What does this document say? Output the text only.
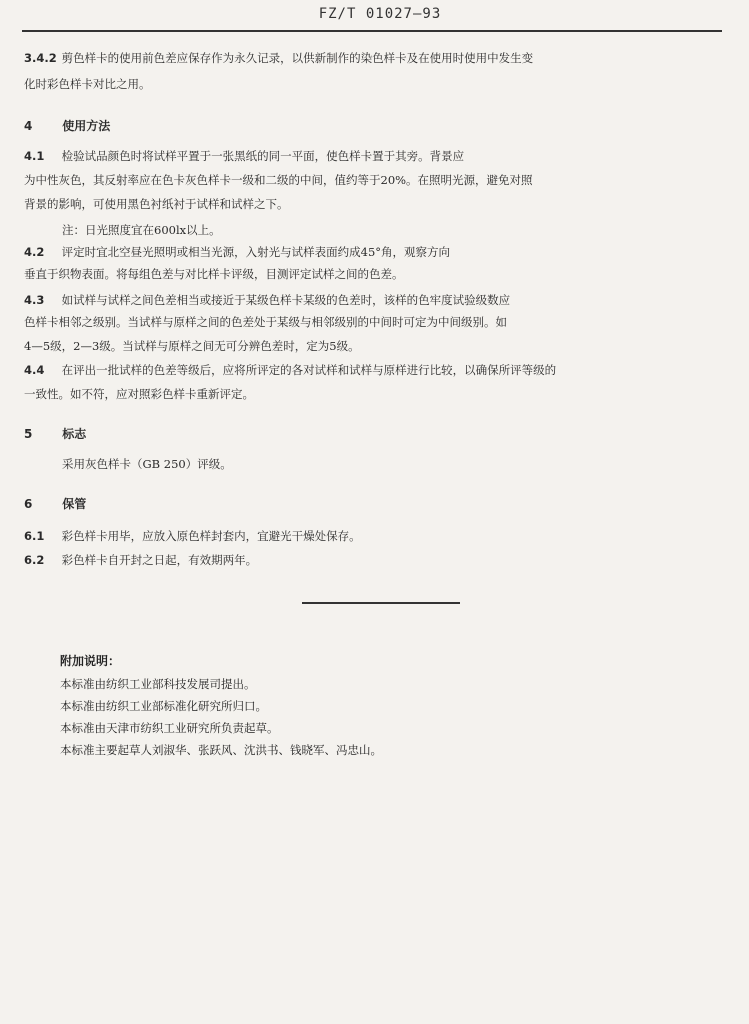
FZ/T 01027—93
3.4.2 剪色样卡的使用前色差应保存作为永久记录，以供新制作的染色样卡及在使用时使用中发生变
化时彩色样卡对比之用。
4 使用方法
4.1 检验试品颜色时将试样平置于一张黑纸的同一平面，使色样卡置于其旁。背景应
为中性灰色，其反射率应在色卡灰色样卡一级和二级的中间，值约等于20%。在照明光源，避免对照
背景的影响，可使用黑色衬纸衬于试样和试样之下。
注：日光照度宜在600lx以上。
4.2 评定时宜北空昼光照明或相当光源，入射光与试样表面约成45°角，观察方向
垂直于织物表面。将每组色差与对比样卡评级，目测评定试样之间的色差。
4.3 如试样与试样之间色差相当或接近于某级色样卡某级的色差时，该样的色牢度试验级数应
色样卡相邻之级别。当试样与原样之间的色差处于某级与相邻级别的中间时可定为中间级别。如
4—5级，2—3级。当试样与原样之间无可分辨色差时，定为5级。
4.4 在评出一批试样的色差等级后，应将所评定的各对试样和试样与原样进行比较，以确保所评等级的
一致性。如不符，应对照彩色样卡重新评定。
5 标志
采用灰色样卡（GB 250）评级。
6 保管
6.1 彩色样卡用毕，应放入原色样封套内，宜避光干燥处保存。
6.2 彩色样卡自开封之日起，有效期两年。
附加说明：
本标准由纺织工业部科技发展司提出。
本标准由纺织工业部标准化研究所归口。
本标准由天津市纺织工业研究所负责起草。
本标准主要起草人刘淑华、张跃风、沈洪书、钱晓军、冯忠山。
